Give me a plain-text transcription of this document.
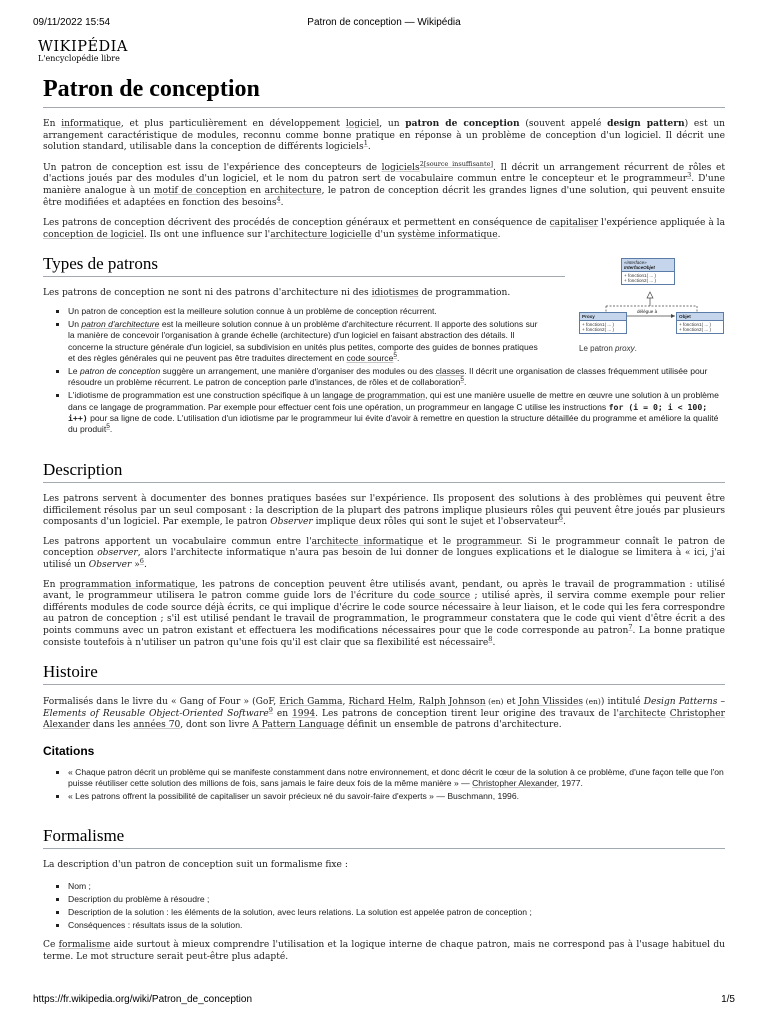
09/11/2022 15:54	Patron de conception — Wikipédia
WIKIPÉDIA
L'encyclopédie libre
Patron de conception

En informatique, et plus particulièrement en développement logiciel, un patron de conception (souvent appelé design pattern) est un arrangement caractéristique de modules, reconnu comme bonne pratique en réponse à un problème de conception d'un logiciel. Il décrit une solution standard, utilisable dans la conception de différents logiciels$^1$.

Un patron de conception est issu de l'expérience des concepteurs de logiciels$^{2[source insuffisante]}$. Il décrit un arrangement récurrent de rôles et d'actions joués par des modules d'un logiciel, et le nom du patron sert de vocabulaire commun entre le concepteur et le programmeur$^3$. D'une manière analogue à un motif de conception en architecture, le patron de conception décrit les grandes lignes d'une solution, qui peuvent ensuite être modifiées et adaptées en fonction des besoins$^4$.

Les patrons de conception décrivent des procédés de conception généraux et permettent en conséquence de capitaliser l'expérience appliquée à la conception de logiciel. Ils ont une influence sur l'architecture logicielle d'un système informatique.

«interface»
InterfaceObjet
+ fonction1( ... )
+ fonction2( ... )
Proxy
+ fonction1( ... )
+ fonction2( ... )
Objet
+ fonction1( ... )
+ fonction2( ... )
délégue à
Le patron proxy.
Types de patrons

Les patrons de conception ne sont ni des patrons d'architecture ni des idiotismes de programmation.

▪ Un patron de conception est la meilleure solution connue à un problème de conception récurrent.
▪ Un patron d'architecture est la meilleure solution connue à un problème d'architecture récurrent. Il apporte des solutions sur la manière de concevoir l'organisation à grande échelle (architecture) d'un logiciel en faisant abstraction des détails. Il concerne la structure générale d'un logiciel, sa subdivision en unités plus petites, comporte des guides de bonnes pratiques et des règles générales qui ne peuvent pas être traduites directement en code source$^5$.
▪ Le patron de conception suggère un arrangement, une manière d'organiser des modules ou des classes. Il décrit une organisation de classes fréquemment utilisée pour résoudre un problème récurrent. Le patron de conception parle d'instances, de rôles et de collaboration$^5$.
▪ L'idiotisme de programmation est une construction spécifique à un langage de programmation, qui est une manière usuelle de mettre en œuvre une solution à un problème dans ce langage de programmation. Par exemple pour effectuer cent fois une opération, un programmeur en langage C utilise les instructions for (i = 0; i < 100; i++) pour sa ligne de code. L'utilisation d'un idiotisme par le programmeur lui évite d'avoir à remettre en question la structure détaillée du programme et améliore la qualité du produit$^5$.
Description

Les patrons servent à documenter des bonnes pratiques basées sur l'expérience. Ils proposent des solutions à des problèmes qui peuvent être difficilement résolus par un seul composant : la description de la plupart des patrons implique plusieurs rôles qui peuvent être joués par plusieurs composants d'un logiciel. Par exemple, le patron Observer implique deux rôles qui sont le sujet et l'observateur$^6$.

Les patrons apportent un vocabulaire commun entre l'architecte informatique et le programmeur. Si le programmeur connaît le patron de conception observer, alors l'architecte informatique n'aura pas besoin de lui donner de longues explications et le dialogue se limitera à « ici, j'ai utilisé un Observer »$^6$.

En programmation informatique, les patrons de conception peuvent être utilisés avant, pendant, ou après le travail de programmation : utilisé avant, le programmeur utilisera le patron comme guide lors de l'écriture du code source ; utilisé après, il servira comme exemple pour relier différents modules de code source déjà écrits, ce qui implique d'écrire le code source nécessaire à leur liaison, et le code qui les fera correspondre au patron de conception ; s'il est utilisé pendant le travail de programmation, le programmeur constatera que le code qui vient d'être écrit a des points communs avec un patron existant et effectuera les modifications nécessaires pour que le code corresponde au patron$^7$. La bonne pratique consiste toutefois à n'utiliser un patron qu'une fois qu'il est clair que sa flexibilité est nécessaire$^8$.

Histoire

Formalisés dans le livre du « Gang of Four » (GoF, Erich Gamma, Richard Helm, Ralph Johnson (en) et John Vlissides (en)) intitulé Design Patterns – Elements of Reusable Object-Oriented Software$^9$ en 1994. Les patrons de conception tirent leur origine des travaux de l'architecte Christopher Alexander dans les années 70, dont son livre A Pattern Language définit un ensemble de patrons d'architecture.

Citations
▪ « Chaque patron décrit un problème qui se manifeste constamment dans notre environnement, et donc décrit le cœur de la solution à ce problème, d'une façon telle que l'on puisse réutiliser cette solution des millions de fois, sans jamais le faire deux fois de la même manière » — Christopher Alexander, 1977.
▪ « Les patrons offrent la possibilité de capitaliser un savoir précieux né du savoir-faire d'experts » — Buschmann, 1996.
Formalisme

La description d'un patron de conception suit un formalisme fixe :

▪ Nom ;
▪ Description du problème à résoudre ;
▪ Description de la solution : les éléments de la solution, avec leurs relations. La solution est appelée patron de conception ;
▪ Conséquences : résultats issus de la solution.

Ce formalisme aide surtout à mieux comprendre l'utilisation et la logique interne de chaque patron, mais ne correspond pas à l'usage habituel du terme. Le mot structure serait peut-être plus adapté.

https://fr.wikipedia.org/wiki/Patron_de_conception	1/5
